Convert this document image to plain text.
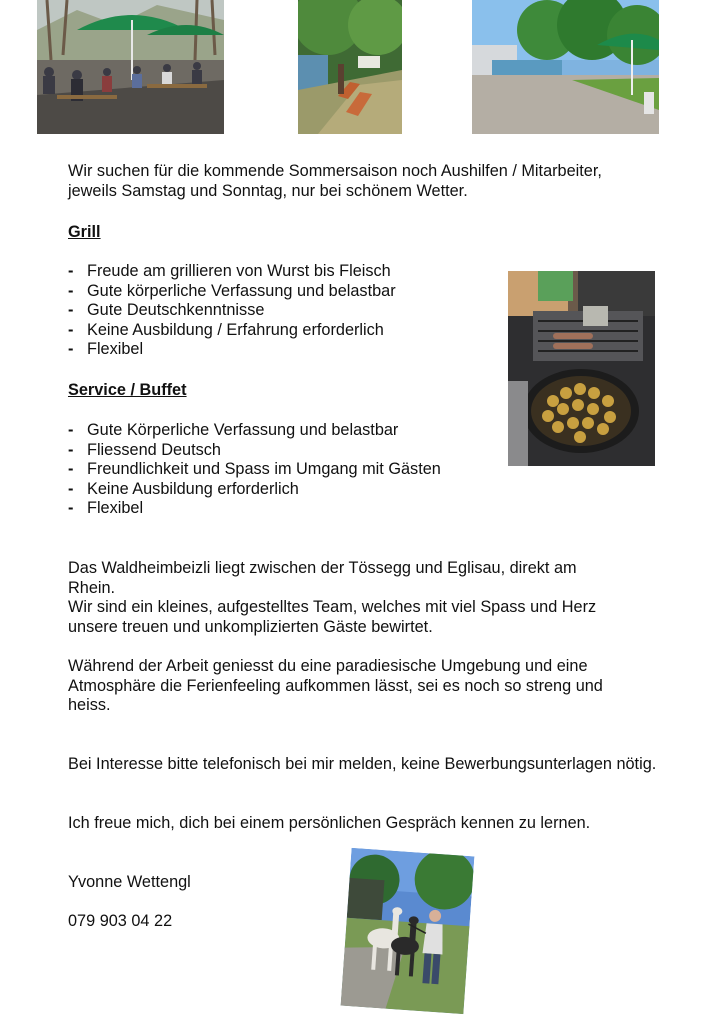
Wir suchen für die kommende Sommersaison noch Aushilfen / Mitarbeiter, jeweils Samstag und Sonntag, nur bei schönem Wetter.

Grill
- Freude am grillieren von Wurst bis Fleisch
- Gute körperliche Verfassung und belastbar
- Gute Deutschkenntnisse
- Keine Ausbildung / Erfahrung erforderlich
- Flexibel
Service / Buffet
- Gute Körperliche Verfassung und belastbar
- Fliessend Deutsch
- Freundlichkeit und Spass im Umgang mit Gästen
- Keine Ausbildung erforderlich
- Flexibel

Das Waldheimbeizli liegt zwischen der Tössegg und Eglisau, direkt am Rhein.

Wir sind ein kleines, aufgestelltes Team, welches mit viel Spass und Herz unsere treuen und unkomplizierten Gäste bewirtet.

Während der Arbeit geniesst du eine paradiesische Umgebung und eine Atmosphäre die Ferienfeeling aufkommen lässt, sei es noch so streng und heiss.

Bei Interesse bitte telefonisch bei mir melden, keine Bewerbungsunterlagen nötig.

Ich freue mich, dich bei einem persönlichen Gespräch kennen zu lernen.

Yvonne Wettengl

079 903 04 22
